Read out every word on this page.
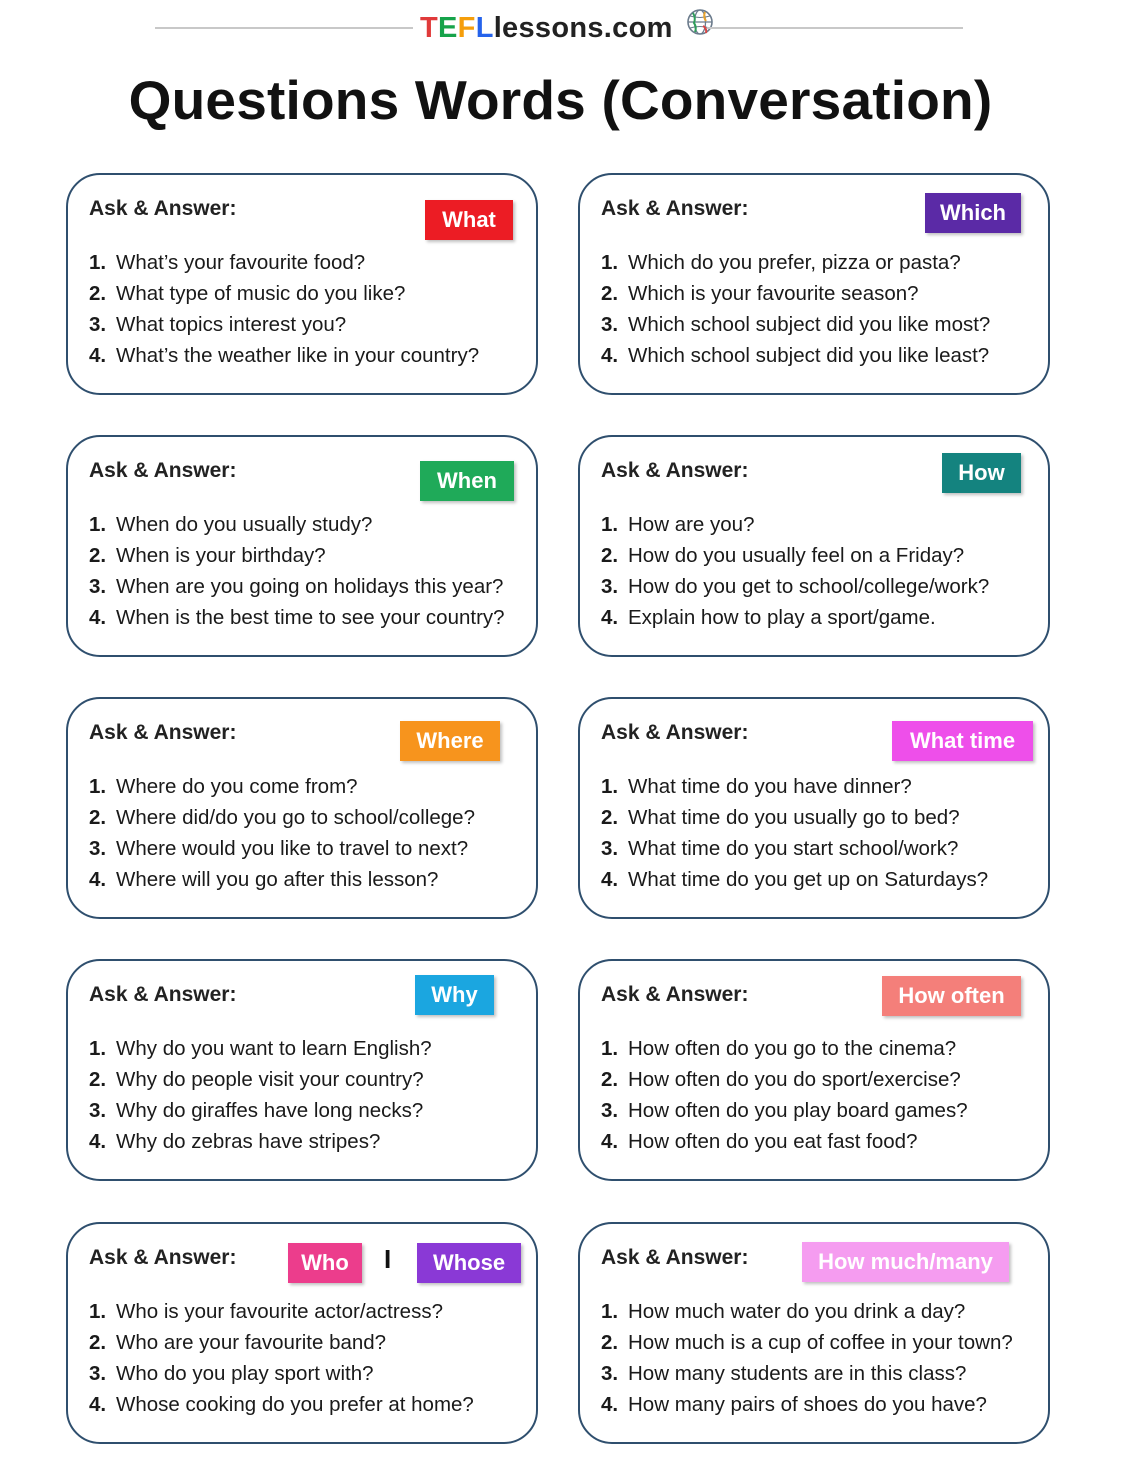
TEFLlessons.com
Questions Words (Conversation)
Ask & Answer:	What
1. What’s your favourite food?
2. What type of music do you like?
3. What topics interest you?
4. What’s the weather like in your country?
Ask & Answer:	Which
1. Which do you prefer, pizza or pasta?
2. Which is your favourite season?
3. Which school subject did you like most?
4. Which school subject did you like least?
Ask & Answer:	When
1. When do you usually study?
2. When is your birthday?
3. When are you going on holidays this year?
4. When is the best time to see your country?
Ask & Answer:	How
1. How are you?
2. How do you usually feel on a Friday?
3. How do you get to school/college/work?
4. Explain how to play a sport/game.
Ask & Answer:	Where
1. Where do you come from?
2. Where did/do you go to school/college?
3. Where would you like to travel to next?
4. Where will you go after this lesson?
Ask & Answer:	What time
1. What time do you have dinner?
2. What time do you usually go to bed?
3. What time do you start school/work?
4. What time do you get up on Saturdays?
Ask & Answer:	Why
1. Why do you want to learn English?
2. Why do people visit your country?
3. Why do giraffes have long necks?
4. Why do zebras have stripes?
Ask & Answer:	How often
1. How often do you go to the cinema?
2. How often do you do sport/exercise?
3. How often do you play board games?
4. How often do you eat fast food?
Ask & Answer:	Who	Whose
I
1. Who is your favourite actor/actress?
2. Who are your favourite band?
3. Who do you play sport with?
4. Whose cooking do you prefer at home?
Ask & Answer:	How much/many
1. How much water do you drink a day?
2. How much is a cup of coffee in your town?
3. How many students are in this class?
4. How many pairs of shoes do you have?
